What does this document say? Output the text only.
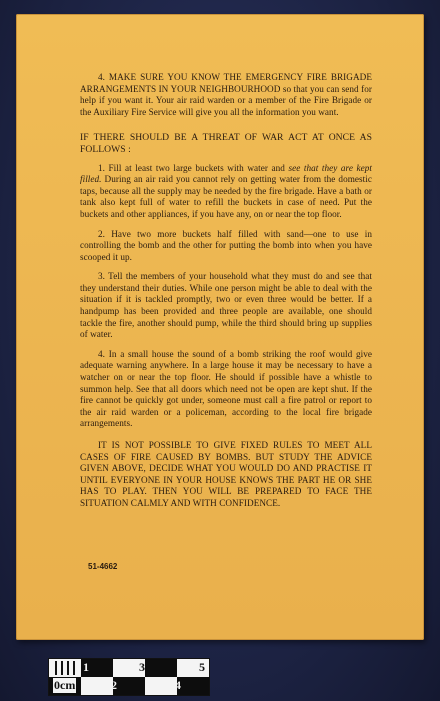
4. MAKE SURE YOU KNOW THE EMERGENCY FIRE BRIGADE ARRANGEMENTS IN YOUR NEIGHBOURHOOD so that you can send for help if you want it. Your air raid warden or a member of the Fire Brigade or the Auxiliary Fire Service will give you all the information you want.

IF THERE SHOULD BE A THREAT OF WAR ACT AT ONCE AS FOLLOWS :

1. Fill at least two large buckets with water and see that they are kept filled. During an air raid you cannot rely on getting water from the domestic taps, because all the supply may be needed by the fire brigade. Have a bath or tank also kept full of water to refill the buckets in case of need. Put the buckets and other appliances, if you have any, on or near the top floor.

2. Have two more buckets half filled with sand—one to use in controlling the bomb and the other for putting the bomb into when you have scooped it up.

3. Tell the members of your household what they must do and see that they understand their duties. While one person might be able to deal with the situation if it is tackled promptly, two or even three would be better. If a handpump has been provided and three people are available, one should tackle the fire, another should pump, while the third should bring up supplies of water.

4. In a small house the sound of a bomb striking the roof would give adequate warning anywhere. In a large house it may be necessary to have a watcher on or near the top floor. He should if possible have a whistle to summon help. See that all doors which need not be open are kept shut. If the fire cannot be quickly got under, someone must call a fire patrol or report to the air raid warden or a policeman, according to the local fire brigade arrangements.

IT IS NOT POSSIBLE TO GIVE FIXED RULES TO MEET ALL CASES OF FIRE CAUSED BY BOMBS. BUT STUDY THE ADVICE GIVEN ABOVE, DECIDE WHAT YOU WOULD DO AND PRACTISE IT UNTIL EVERYONE IN YOUR HOUSE KNOWS THE PART HE OR SHE HAS TO PLAY. THEN YOU WILL BE PREPARED TO FACE THE SITUATION CALMLY AND WITH CONFIDENCE.

51-4662
1	3	5
0cm	2	4
